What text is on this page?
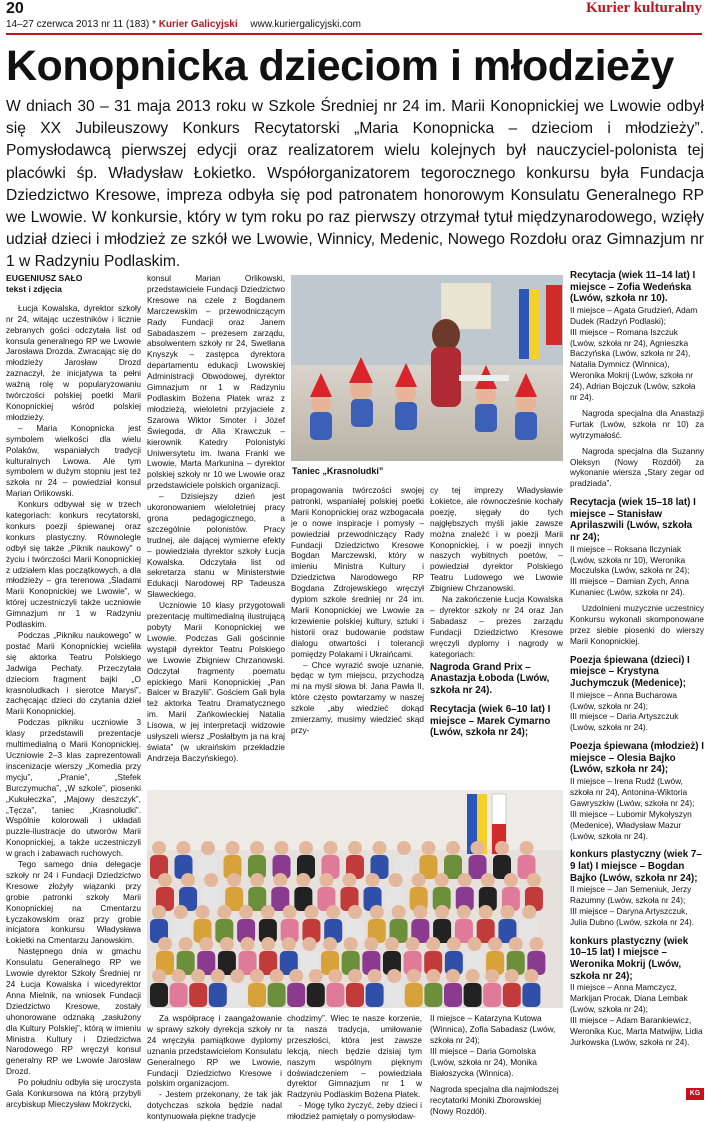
20
14–27 czerwca 2013 nr 11 (183) * Kurier Galicyjski www.kuriergalicyjski.com
Kurier kulturalny
Konopnicka dzieciom i młodzieży

W dniach 30 – 31 maja 2013 roku w Szkole Średniej nr 24 im. Marii Konopnickiej we Lwowie odbył się XX Jubileuszowy Konkurs Recytatorski „Maria Konopnicka – dzieciom i młodzieży”. Pomysłodawcą pierwszej edycji oraz realizatorem wielu kolejnych był nauczyciel-polonista tej placówki śp. Władysław Łokietko. Współorganizatorem tegorocznego konkursu była Fundacja Dziedzictwo Kresowe, impreza odbyła się pod patronatem honorowym Konsulatu Generalnego RP we Lwowie. W konkursie, który w tym roku po raz pierwszy otrzymał tytuł międzynarodowego, wzięły udział dzieci i młodzież ze szkół we Lwowie, Winnicy, Medenic, Nowego Rozdołu oraz Gimnazjum nr 1 w Radzyniu Podlaskim.

EUGENIUSZ SAŁO

tekst i zdjęcia

Łucja Kowalska, dyrektor szkoły nr 24, witając uczestników i licznie zebranych gości odczytała list od konsula generalnego RP we Lwowie Jarosława Drozda. Zwracając się do młodzieży Jarosław Drozd zaznaczył, że inicjatywa ta pełni ważną rolę w popularyzowaniu twórczości polskiej poetki Marii Konopnickiej wśród polskiej młodzieży.

– Maria Konopnicka jest symbolem wielkości dla wielu Polaków, wspaniałych tradycji kulturalnych Lwowa. Ale tym symbolem w dużym stopniu jest też szkoła nr 24 – powiedział konsul Marian Orlikowski.

Konkurs odbywał się w trzech kategoriach: konkurs recytatorski, konkurs poezji śpiewanej oraz konkurs plastyczny. Równolegle odbył się także „Piknik naukowy” o życiu i twórczości Marii Konopnickiej z udziałem klas początkowych, a dla młodzieży – gra terenowa „Śladami Marii Konopnickiej we Lwowie”, w której uczestniczyli także uczniowie Gimnazjum nr 1 w Radzyniu Podlaskim.

Podczas „Pikniku naukowego” w postać Marii Konopnickiej wcieliła się aktorka Teatru Polskiego Jadwiga Pechaty. Przeczytała dzieciom fragment bajki „O krasnoludkach i sierotce Marysi”, zachęcając dzieci do czytania dzieł Marii Konopnickiej.

Podczas pikniku uczniowie 3 klasy przedstawili prezentacje multimedialną o Marii Konopnickiej. Uczniowie 2–3 klas zaprezentowali inscenizacje wierszy „Komedia przy mycju”, „Pranie”, „Stefek Burczymucha”, „W szkole”, piosenki „Kukułeczka”, „Majowy deszczyk”, „Tęcza”, taniec „Krasnoludki”. Wspólnie kolorowali i układali puzzle-ilustracje do utworów Marii Konopnickiej, a także uczestniczyli w grach i zabawach ruchowych.

Tego samego dnia delegacje szkoły nr 24 i Fundacji Dziedzictwo Kresowe złożyły wiązanki przy grobie patronki szkoły Marii Konopnickiej na Cmentarzu Łyczakowskim oraz przy grobie inicjatora konkursu Władysława Łokietki na Cmentarzu Janowskim.

Następnego dnia w gmachu Konsulatu Generalnego RP we Lwowie dyrektor Szkoły Średniej nr 24 Łucja Kowalska i wicedyrektor Anna Mielnik, na wniosek Fundacji Dziedzictwo Kresowe, zostały uhonorowane odznaką „zasłużony dla Kultury Polskiej”, którą w imieniu Ministra Kultury i Dziedzictwa Narodowego RP wręczył konsul generalny RP we Lwowie Jarosław Drozd.

Po południu odbyła się uroczysta Gala Konkursowa na którą przybyli arcybiskup Mieczysław Mokrzycki,

konsul Marian Orlikowski, przedstawiciele Fundacji Dziedzictwo Kresowe na czele z Bogdanem Marczewskim – przewodniczącym Rady Fundacji oraz Janem Sabadaszem – prezesem zarządu, absolwentem szkoły nr 24, Swetłana Knyszyk – zastępca dyrektora departamentu edukacji Lwowskiej Administracji Obwodowej, dyrektor Gimnazjum nr 1 w Radzyniu Podlaskim Bożena Płatek wraz z młodzieżą, wieloletni przyjaciele z Szarowa Wiktor Smoter i Józef Świegoda, dr Alla Krawczuk – kierownik Katedry Polonistyki Uniwersytetu im. Iwana Franki we Lwowie, Marta Markunina – dyrektor polskiej szkoły nr 10 we Lwowie oraz przedstawiciele polskich organizacji.

– Dzisiejszy dzień jest ukoronowaniem wieloletniej pracy grona pedagogicznego, a szczególnie polonistów. Pracy trudnej, ale dającej wymierne efekty – powiedziała dyrektor szkoły Łucja Kowalska. Odczytała list od sekretarza stanu w Ministerstwie Edukacji Narodowej RP Tadeusza Sławeckiego.

Uczniowie 10 klasy przygotowali prezentację multimedialną ilustrującą pobyty Marii Konopnickiej we Lwowie. Podczas Gali gościnnie wystąpił dyrektor Teatru Polskiego we Lwowie Zbigniew Chrzanowski. Odczytał fragmenty poematu epickiego Marii Konopnickiej „Pan Balcer w Brazylii”. Gościem Gali była też aktorka Teatru Dramatycznego im. Marii Zańkowieckiej Natalia Lisowa, w jej interpretacji widzowie usłyszeli wiersz „Posłałbym ja na kraj świata” (w ukraińskim przekładzie Andrzeja Baczyńskiego).

Taniec „Krasnoludki”

propagowania twórczości swojej patronki, wspaniałej polskiej poetki Marii Konopnickiej oraz wzbogacała je o nowe inspiracje i pomysły – powiedział przewodniczący Rady Fundacji Dziedzictwo Kresowe Bogdan Marczewski, który w imieniu Ministra Kultury i Dziedzictwa Narodowego RP Bogdana Zdrojewskiego wręczył dyplom szkole średniej nr 24 im. Marii Konopnickiej we Lwowie za krzewienie polskiej kultury, sztuki i historii oraz budowanie podstaw dialogu otwartości i tolerancji pomiędzy Polakami i Ukraińcami.

– Chce wyrazić swoje uznanie, będąc w tym miejscu, przychodzą mi na myśl słowa bł. Jana Pawła II, które często powtarzamy w naszej szkole „aby wiedzieć dokąd zmierzamy, musimy wiedzieć skąd przy-

cy tej imprezy Władysławie Łokietce, ale równocześnie kochały poezję, sięgały do tych najgłębszych myśli jakie zawsze można znaleźć i w poezji Marii Konopnickiej, i w poezji innych naszych wybitnych poetów, – powiedział dyrektor Polskiego Teatru Ludowego we Lwowie Zbigniew Chrzanowski.

Na zakończenie Łucja Kowalska – dyrektor szkoły nr 24 oraz Jan Sabadasz – prezes zarządu Fundacji Dziedzictwo Kresowe wręczyli dyplomy i nagrody w kategoriach:

Nagroda Grand Prix – Anastazja Łoboda (Lwów, szkoła nr 24).

Recytacja (wiek 6–10 lat) I miejsce – Marek Cymarno (Lwów, szkoła nr 24);

Za współpracę i zaangażowanie w sprawy szkoły dyrekcja szkoły nr 24 wręczyła pamiątkowe dyplomy uznania przedstawicielom Konsulatu Generalnego RP we Lwowie, Fundacji Dziedzictwo Kresowe i polskim organizacjom.

- Jestem przekonany, że tak jak dotychczas szkoła będzie nadal kontynuowała piękne tradycje

chodzimy”. Wiec te nasze korzenie, ta nasza tradycja, umiłowanie przeszłości, która jest zawsze lekcją, niech będzie dzisiaj tym naszym wspólnym pięknym doświadczeniem – powiedziała dyrektor Gimnazjum nr 1 w Radzyniu Podlaskim Bożena Płatek.

- Mogę tylko życzyć, żeby dzieci i młodzież pamiętały o pomysłodaw-

II miejsce – Katarzyna Kutowa (Winnica), Zofia Sabadasz (Lwów, szkoła nr 24);

III miejsce – Daria Gomolska (Lwów, szkoła nr 24), Monika Białoszycka (Winnica).

Nagroda specjalna dla najmłodszej recytatorki Moniki Zborowskiej (Nowy Rozdół).

Recytacja (wiek 11–14 lat) I miejsce – Zofia Wedeńska (Lwów, szkoła nr 10).

II miejsce – Agata Grudzień, Adam Dudek (Radzyń Podlaski);

III miejsce – Romana Iszczuk (Lwów, szkoła nr 24), Agnieszka Baczyńska (Lwów, szkoła nr 24), Natalia Dymnicz (Winnica), Weronika Mokrij (Lwów, szkoła nr 24), Adrian Bojczuk (Lwów, szkoła nr 24).

Nagroda specjalna dla Anastazji Furtak (Lwów, szkoła nr 10) za wytrzymałość.

Nagroda specjalna dla Suzanny Oleksyn (Nowy Rozdół) za wykonanie wiersza „Stary zegar od pradziada”.

Recytacja (wiek 15–18 lat) I miejsce – Stanisław Aprilaszwili (Lwów, szkoła nr 24);

II miejsce – Roksana Ilczyniak (Lwów, szkoła nr 10), Weronika Moczulska (Lwów, szkoła nr 24);

III miejsce – Damian Zych, Anna Kunaniec (Lwów, szkoła nr 24).

Uzdolnieni muzycznie uczestnicy Konkursu wykonali skomponowane przez siebie piosenki do wierszy Marii Konopnickiej.

Poezja śpiewana (dzieci) I miejsce – Krystyna Juchymczuk (Medenice);

II miejsce – Anna Bucharowa (Lwów, szkoła nr 24);

III miejsce – Daria Artyszczuk (Lwów, szkoła nr 24).

Poezja śpiewana (młodzież) I miejsce – Olesia Bajko (Lwów, szkoła nr 24);

II miejsce – Irena Rudź (Lwów, szkoła nr 24), Antonina-Wiktoria Gawryszkiw (Lwów, szkoła nr 24);

III miejsce – Lubomir Mykołyszyn (Medenice), Władysław Mazur (Lwów, szkoła nr 24).

konkurs plastyczny (wiek 7–9 lat) I miejsce – Bogdan Bajko (Lwów, szkoła nr 24);

II miejsce – Jan Semeniuk, Jerzy Razumny (Lwów, szkoła nr 24);

III miejsce – Daryna Artyszczuk, Julia Dubno (Lwów, szkoła nr 24).

konkurs plastyczny (wiek 10–15 lat) I miejsce – Weronika Mokrij (Lwów, szkoła nr 24);

II miejsce – Anna Mamczycz, Markijan Procak, Diana Lembak (Lwów, szkoła nr 24);

III miejsce – Adam Barankiewicz, Weronika Kuc, Marta Matwijiw, Lidia Jurkowska (Lwów, szkoła nr 24).

KG
